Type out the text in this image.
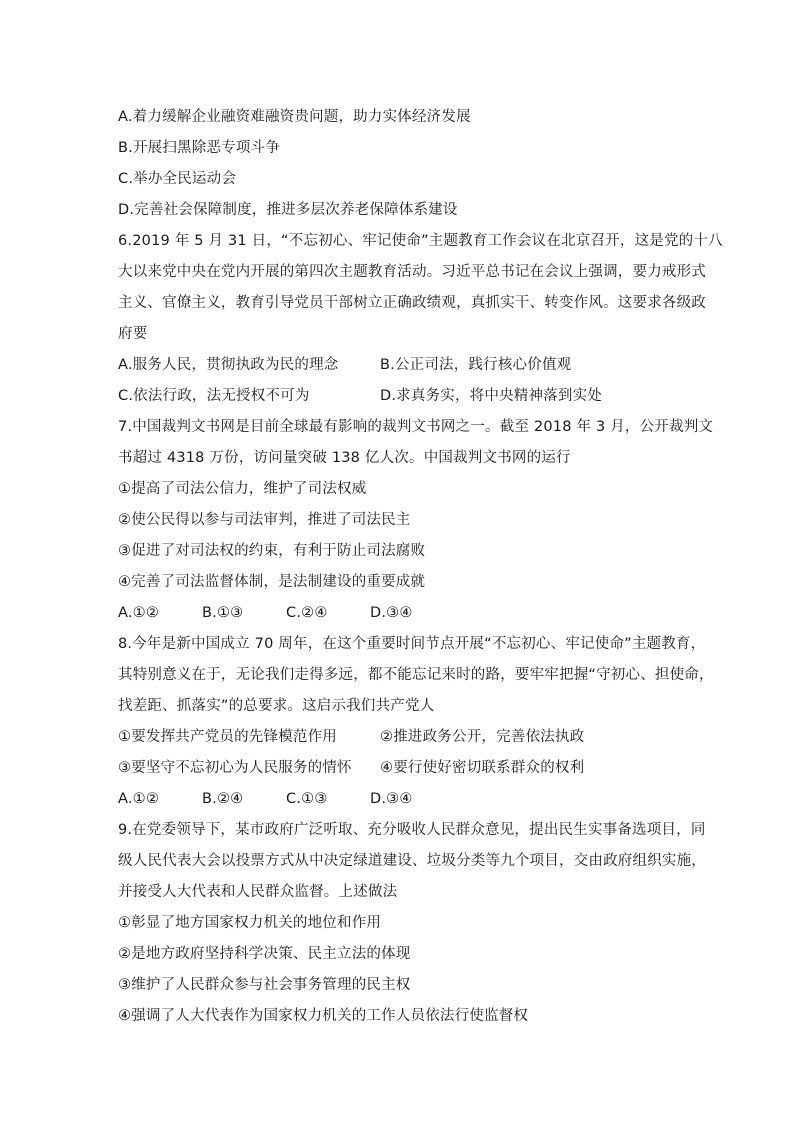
A.着力缓解企业融资难融资贵问题，助力实体经济发展
B.开展扫黑除恶专项斗争
C.举办全民运动会
D.完善社会保障制度，推进多层次养老保障体系建设
6.2019 年 5 月 31 日，“不忘初心、牢记使命”主题教育工作会议在北京召开，这是党的十八
大以来党中央在党内开展的第四次主题教育活动。习近平总书记在会议上强调，要力戒形式
主义、官僚主义，教育引导党员干部树立正确政绩观，真抓实干、转变作风。这要求各级政
府要
A.服务人民，贯彻执政为民的理念	B.公正司法，践行核心价值观
C.依法行政，法无授权不可为	D.求真务实，将中央精神落到实处
7.中国裁判文书网是目前全球最有影响的裁判文书网之一。截至 2018 年 3 月，公开裁判文
书超过 4318 万份，访问量突破 138 亿人次。中国裁判文书网的运行
①提高了司法公信力，维护了司法权威
②使公民得以参与司法审判，推进了司法民主
③促进了对司法权的约束，有利于防止司法腐败
④完善了司法监督体制，是法制建设的重要成就
A.①②	B.①③	C.②④	D.③④
8.今年是新中国成立 70 周年，在这个重要时间节点开展“不忘初心、牢记使命”主题教育，
其特别意义在于，无论我们走得多远，都不能忘记来时的路，要牢牢把握“守初心、担使命，
找差距、抓落实”的总要求。这启示我们共产党人
①要发挥共产党员的先锋模范作用	②推进政务公开，完善依法执政
③要坚守不忘初心为人民服务的情怀	④要行使好密切联系群众的权利
A.①②	B.②④	C.①③	D.③④
9.在党委领导下，某市政府广泛听取、充分吸收人民群众意见，提出民生实事备选项目，同
级人民代表大会以投票方式从中决定绿道建设、垃圾分类等九个项目，交由政府组织实施，
并接受人大代表和人民群众监督。上述做法
①彰显了地方国家权力机关的地位和作用
②是地方政府坚持科学决策、民主立法的体现
③维护了人民群众参与社会事务管理的民主权
④强调了人大代表作为国家权力机关的工作人员依法行使监督权
